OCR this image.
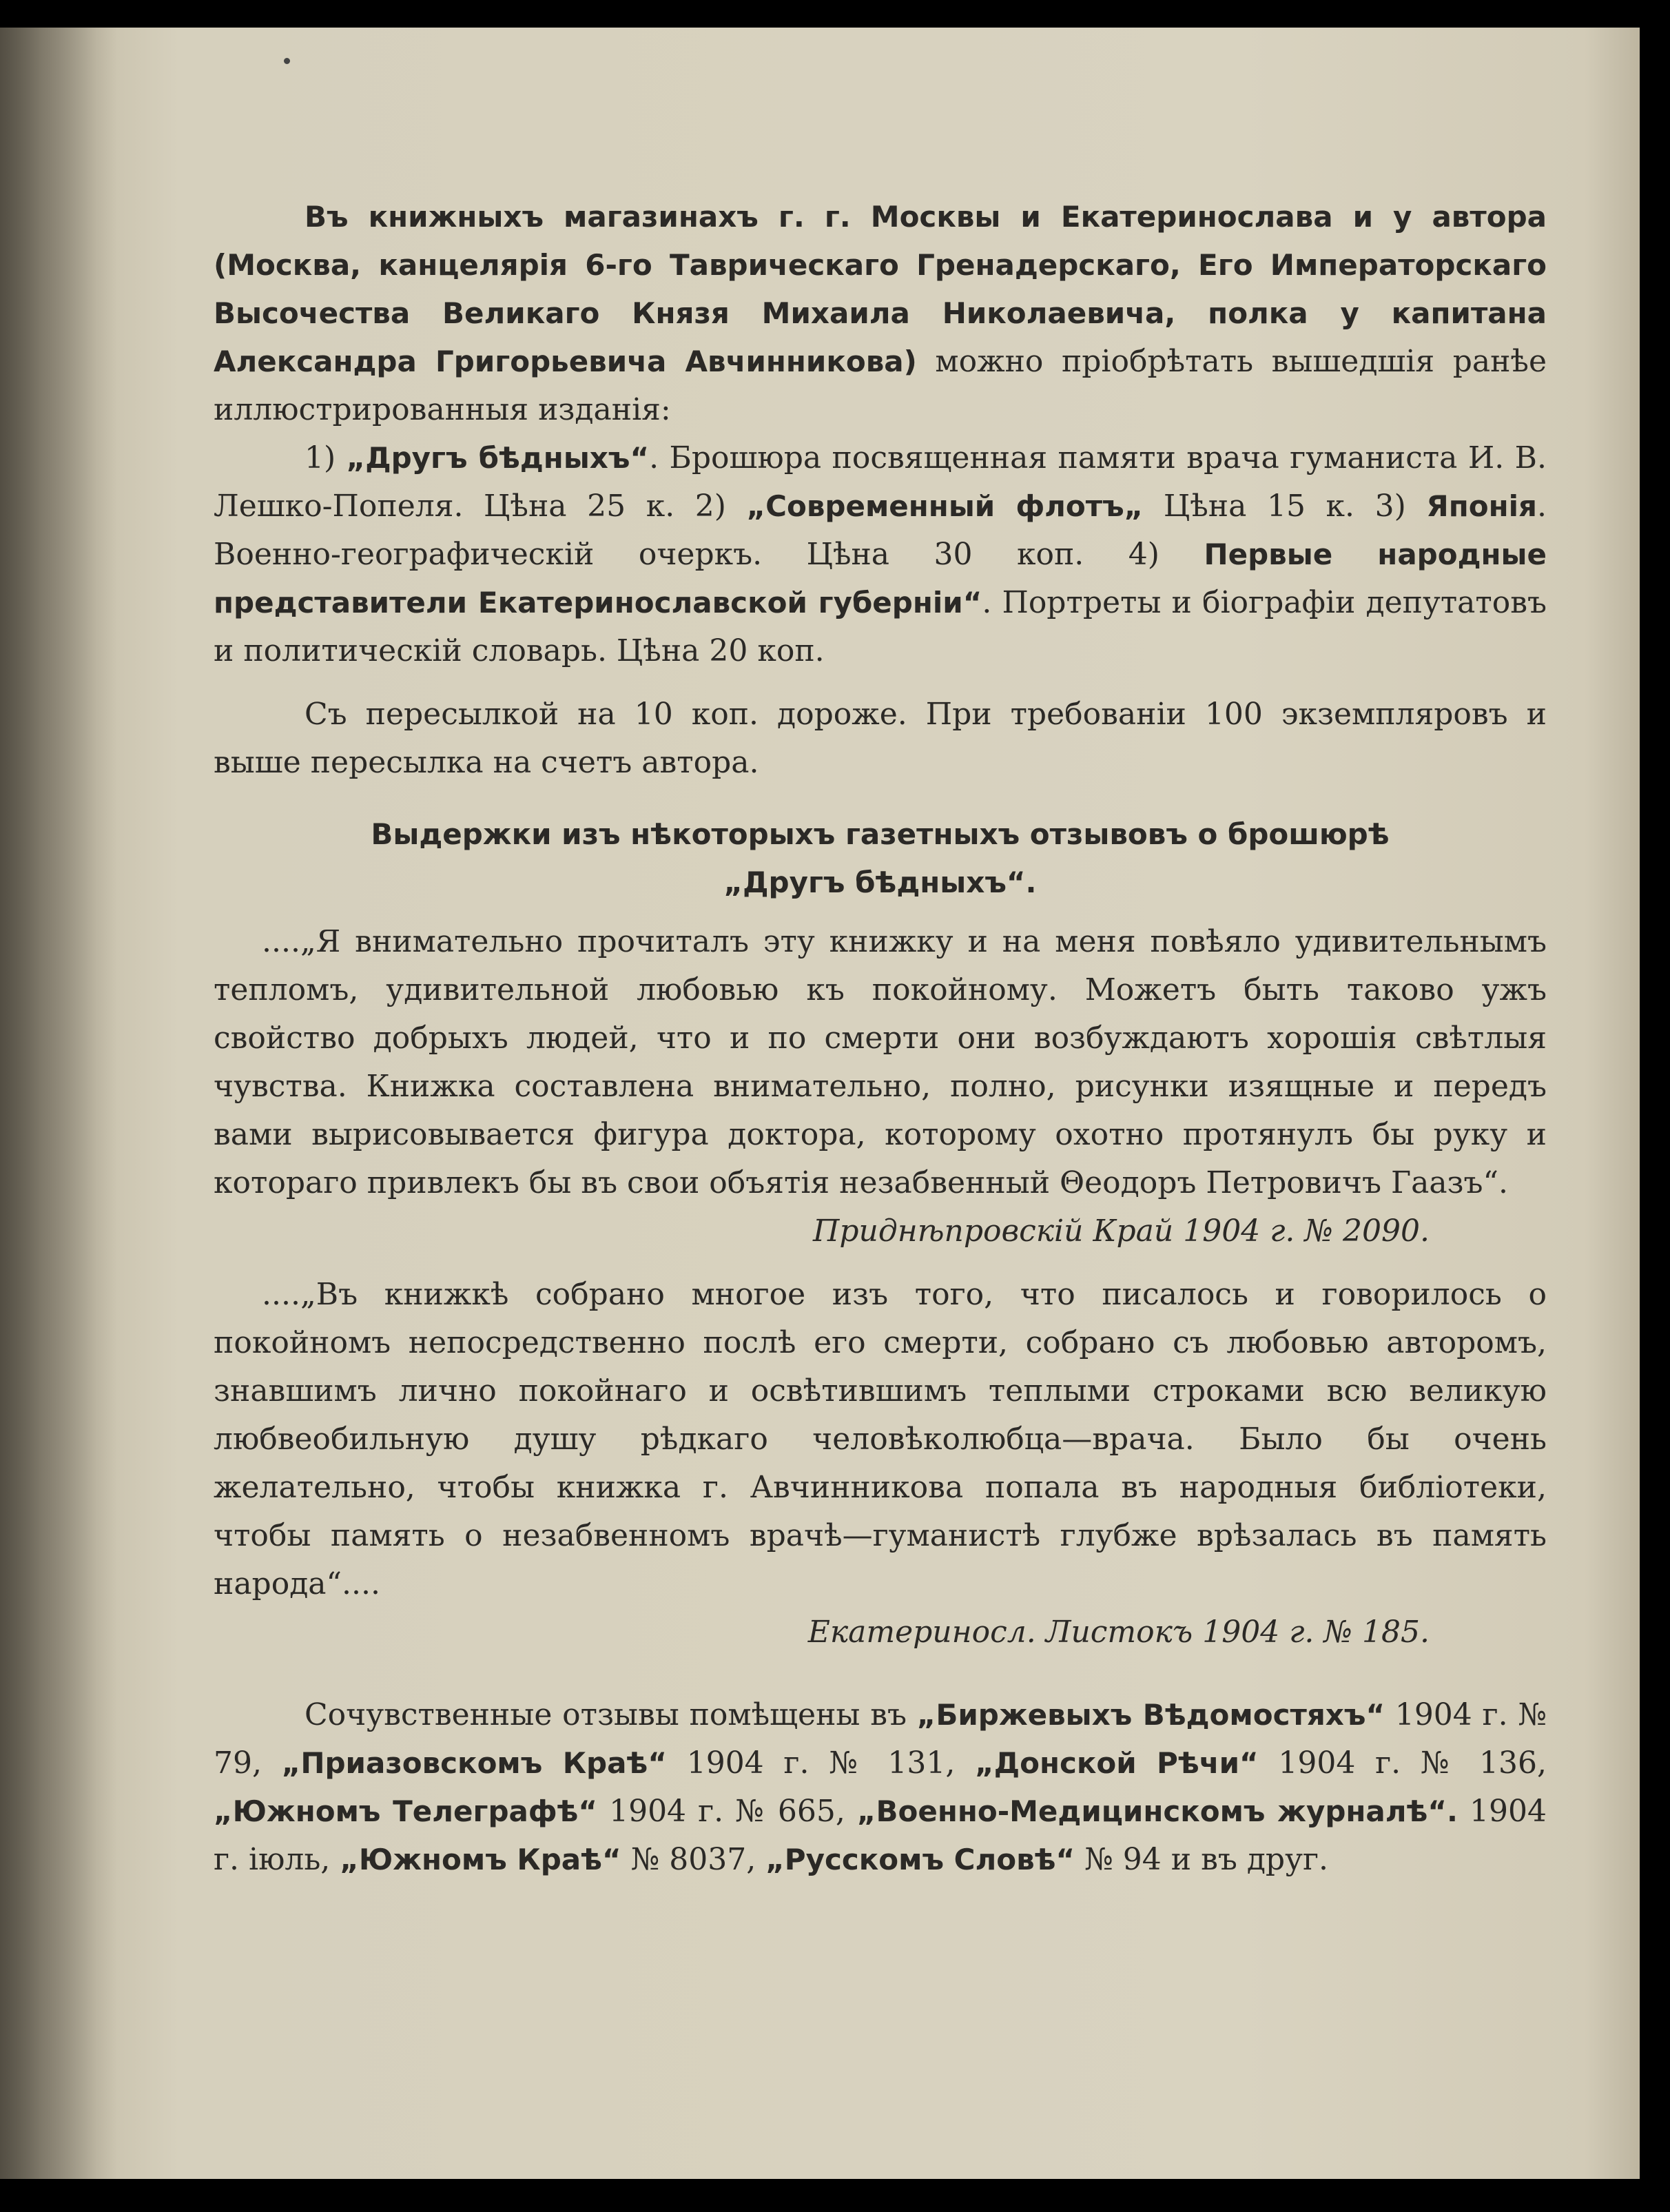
Въ книжныхъ магазинахъ г. г. Москвы и Екатеринослава и у автора (Москва, канцелярія 6-го Таврическаго Гренадерскаго, Его Императорскаго Высочества Великаго Князя Михаила Николаевича, полка у капитана Александра Григорьевича Авчинникова) можно пріобрѣтать вышедшія ранѣе иллюстрированныя изданія:

1) „Другъ бѣдныхъ“. Брошюра посвященная памяти врача гуманиста И. В. Лешко-Попеля. Цѣна 25 к. 2) „Современный флотъ„ Цѣна 15 к. 3) Японія. Военно-географическій очеркъ. Цѣна 30 коп. 4) Первые народные представители Екатеринославской губерніи“. Портреты и біографіи депутатовъ и политическій словарь. Цѣна 20 коп.

Съ пересылкой на 10 коп. дороже. При требованіи 100 экземпляровъ и выше пересылка на счетъ автора.

Выдержки изъ нѣкоторыхъ газетныхъ отзывовъ о брошюрѣ
„Другъ бѣдныхъ“.

....„Я внимательно прочиталъ эту книжку и на меня повѣяло удивительнымъ тепломъ, удивительной любовью къ покойному. Можетъ быть таково ужъ свойство добрыхъ людей, что и по смерти они возбуждаютъ хорошія свѣтлыя чувства. Книжка составлена внимательно, полно, рисунки изящные и передъ вами вырисовывается фигура доктора, которому охотно протянулъ бы руку и котораго привлекъ бы въ свои объятія незабвенный Θеодоръ Петровичъ Гаазъ“.

Приднѣпровскій Край 1904 г. № 2090.

....„Въ книжкѣ собрано многое изъ того, что писалось и говорилось о покойномъ непосредственно послѣ его смерти, собрано съ любовью авторомъ, знавшимъ лично покойнаго и освѣтившимъ теплыми строками всю великую любвеобильную душу рѣдкаго человѣколюбца—врача. Было бы очень желательно, чтобы книжка г. Авчинникова попала въ народныя библіотеки, чтобы память о незабвенномъ врачѣ—гуманистѣ глубже врѣзалась въ память народа“....

Екатериносл. Листокъ 1904 г. № 185.

Сочувственные отзывы помѣщены въ „Биржевыхъ Вѣдомостяхъ“ 1904 г. № 79, „Приазовскомъ Краѣ“ 1904 г. № 131, „Донской Рѣчи“ 1904 г. № 136, „Южномъ Телеграфѣ“ 1904 г. № 665, „Военно-Медицинскомъ журналѣ“. 1904 г. іюль, „Южномъ Краѣ“ № 8037, „Русскомъ Словѣ“ № 94 и въ друг.
